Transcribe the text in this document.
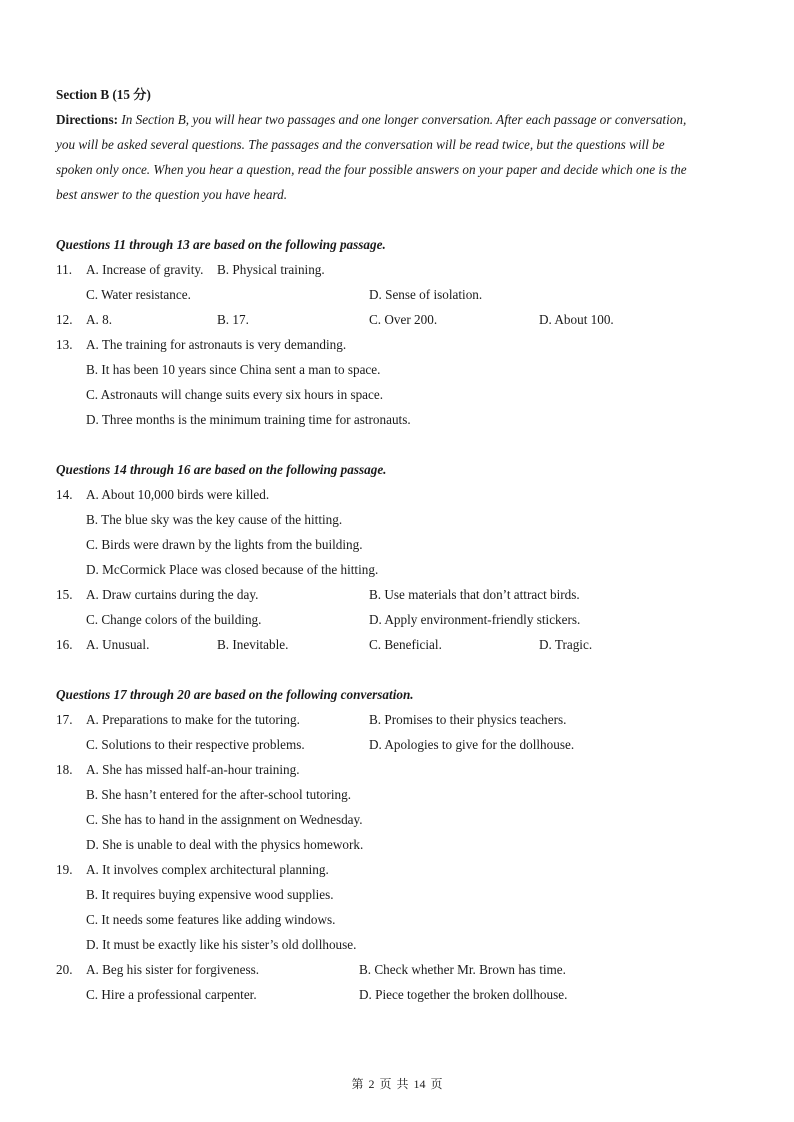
Section B (15 分)
Directions: In Section B, you will hear two passages and one longer conversation. After each passage or conversation,
you will be asked several questions. The passages and the conversation will be read twice, but the questions will be
spoken only once. When you hear a question, read the four possible answers on your paper and decide which one is the
best answer to the question you have heard.
Questions 11 through 13 are based on the following passage.
11. A. Increase of gravity. B. Physical training.
C. Water resistance.	D. Sense of isolation.
12. A. 8.	B. 17.	C. Over 200.	D. About 100.
13. A. The training for astronauts is very demanding.
B. It has been 10 years since China sent a man to space.
C. Astronauts will change suits every six hours in space.
D. Three months is the minimum training time for astronauts.
Questions 14 through 16 are based on the following passage.
14. A. About 10,000 birds were killed.
B. The blue sky was the key cause of the hitting.
C. Birds were drawn by the lights from the building.
D. McCormick Place was closed because of the hitting.
15. A. Draw curtains during the day.	B. Use materials that don’t attract birds.
C. Change colors of the building.	D. Apply environment-friendly stickers.
16. A. Unusual.	B. Inevitable.	C. Beneficial.	D. Tragic.
Questions 17 through 20 are based on the following conversation.
17. A. Preparations to make for the tutoring.	B. Promises to their physics teachers.
C. Solutions to their respective problems.	D. Apologies to give for the dollhouse.
18. A. She has missed half-an-hour training.
B. She hasn’t entered for the after-school tutoring.
C. She has to hand in the assignment on Wednesday.
D. She is unable to deal with the physics homework.
19. A. It involves complex architectural planning.
B. It requires buying expensive wood supplies.
C. It needs some features like adding windows.
D. It must be exactly like his sister’s old dollhouse.
20. A. Beg his sister for forgiveness.	B. Check whether Mr. Brown has time.
C. Hire a professional carpenter.	D. Piece together the broken dollhouse.
第 2 页 共 14 页
